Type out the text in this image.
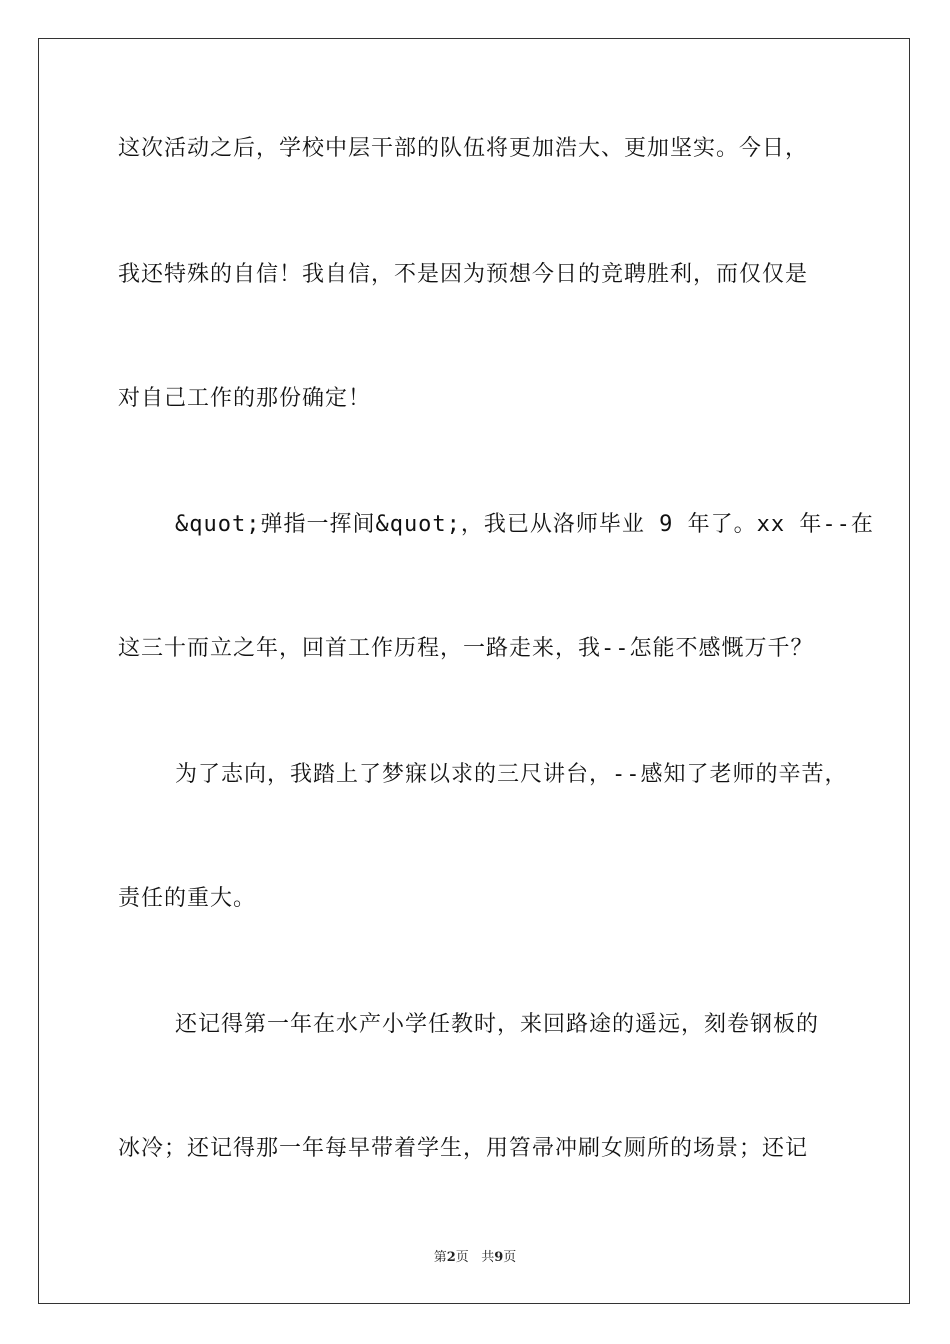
这次活动之后，学校中层干部的队伍将更加浩大、更加坚实。今日，
我还特殊的自信！我自信，不是因为预想今日的竞聘胜利，而仅仅是
对自己工作的那份确定！
&quot;弹指一挥间&quot;，我已从洛师毕业 9 年了。xx 年--在
这三十而立之年，回首工作历程，一路走来，我--怎能不感慨万千？
为了志向，我踏上了梦寐以求的三尺讲台，--感知了老师的辛苦，
责任的重大。
还记得第一年在水产小学任教时，来回路途的遥远，刻卷钢板的
冰冷；还记得那一年每早带着学生，用笤帚冲刷女厕所的场景；还记
第2页 共9页
